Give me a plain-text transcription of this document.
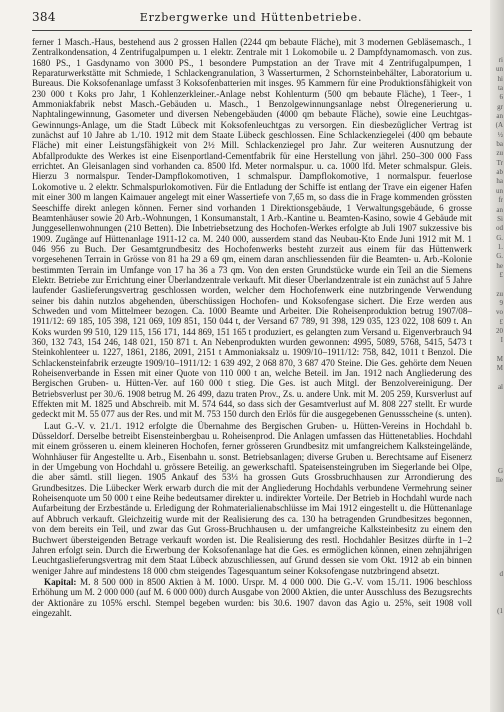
384	Erzbergwerke und Hüttenbetriebe.

ferner 1 Masch.-Haus, bestehend aus 2 grossen Hallen (2244 qm bebaute Fläche), mit 3 modernen Gebläsemasch., 1 Zentralkondensation, 4 Zentrifugalpumpen u. 1 elektr. Zentrale mit 1 Lokomobile u. 2 Dampfdynamomasch. von zus. 1680 PS., 1 Gasdynamo von 3000 PS., 1 besondere Pumpstation an der Trave mit 4 Zentrifugalpumpen, 1 Reparaturwerkstätte mit Schmiede, 1 Schlackengranulation, 3 Wasserturmen, 2 Schornsteinbehälter, Laboratorium u. Bureaus. Die Koksofenanlage umfasst 3 Koksofenbatterien mit insges. 95 Kammern für eine Produktionsfähigkeit von 230 000 t Koks pro Jahr, 1 Kohlenzerkleiner.-Anlage nebst Kohlenturm (500 qm bebaute Fläche), 1 Teer-, 1 Ammoniakfabrik nebst Masch.-Gebäuden u. Masch., 1 Benzolgewinnungsanlage nebst Ölregenerierung u. Naphtalingewinnung, Gasometer und diversen Nebengebäuden (4000 qm bebaute Fläche), sowie eine Leuchtgas-Gewinnungs-Anlage, um die Stadt Lübeck mit Koksofenleuchtgas zu versorgen. Ein diesbezüglicher Vertrag ist zunächst auf 10 Jahre ab 1./10. 1912 mit dem Staate Lübeck geschlossen. Eine Schlackenziegelei (400 qm bebaute Fläche) mit einer Leistungsfähigkeit von 2½ Mill. Schlackenziegel pro Jahr. Zur weiteren Ausnutzung der Abfallprodukte des Werkes ist eine Eisenportland-Cementfabrik für eine Herstellung von jährl. 250–300 000 Fass errichtet. An Gleisanlagen sind vorhanden ca. 8500 lfd. Meter normalspur. u. ca. 1000 lfd. Meter schmalspur. Gleis. Hierzu 3 normalspur. Tender-Dampflokomotiven, 1 schmalspur. Dampflokomotive, 1 normalspur. feuerlose Lokomotive u. 2 elektr. Schmalspurlokomotiven. Für die Entladung der Schiffe ist entlang der Trave ein eigener Hafen mit einer 300 m langen Kaimauer angelegt mit einer Wassertiefe von 7,65 m, so dass die in Frage kommenden grössten Seeschiffe direkt anlegen können. Ferner sind vorhanden 1 Direktionsgebäude, 1 Verwaltungsgebäude, 6 grosse Beamtenhäuser sowie 20 Arb.-Wohnungen, 1 Konsumanstalt, 1 Arb.-Kantine u. Beamten-Kasino, sowie 4 Gebäude mit Junggesellenwohnungen (210 Betten). Die Inbetriebsetzung des Hochofen-Werkes erfolgte ab Juli 1907 sukzessive bis 1909. Zugänge auf Hüttenanlage 1911-12 ca. M. 240 000, ausserdem stand das Neubau-Kto Ende Juni 1912 mit M. 1 046 956 zu Buch. Der Gesamtgrundbesitz des Hochofenwerks besteht zurzeit aus einem für das Hüttenwerk vorgesehenen Terrain in Grösse von 81 ha 29 a 69 qm, einem daran anschliessenden für die Beamten- u. Arb.-Kolonie bestimmten Terrain im Umfange von 17 ha 36 a 73 qm. Von den ersten Grundstücke wurde ein Teil an die Siemens Elektr. Betriebe zur Errichtung einer Überlandzentrale verkauft. Mit dieser Überlandzentrale ist ein zunächst auf 5 Jahre laufender Gaslieferungsvertrag geschlossen worden, welcher dem Hochofenwerk eine nutzbringende Verwendung seiner bis dahin nutzlos abgehenden, überschüssigen Hochofen- und Koksofengase sichert. Die Erze werden aus Schweden und vom Mittelmeer bezogen. Ca. 1000 Beamte und Arbeiter. Die Roheisenproduktion betrug 1907/08–1911/12: 69 185, 105 398, 121 069, 109 851, 150 044 t, der Versand 67 789, 91 398, 129 035, 123 022, 108 609 t. An Koks wurden 99 510, 129 115, 156 171, 144 869, 151 165 t produziert, es gelangten zum Versand u. Eigenverbrauch 94 360, 132 743, 154 246, 148 021, 150 871 t. An Nebenprodukten wurden gewonnen: 4995, 5089, 5768, 5415, 5473 t Steinkohlenteer u. 1227, 1861, 2186, 2091, 2151 t Ammoniaksalz u. 1909/10–1911/12: 758, 842, 1011 t Benzol. Die Schlackensteinfabrik erzeugte 1909/10–1911/12: 1 639 492, 2 068 870, 3 687 470 Steine. Die Ges. gehörte dem Neuen Roheisenverbande in Essen mit einer Quote von 110 000 t an, welche Beteil. im Jan. 1912 nach Angliederung des Bergischen Gruben- u. Hütten-Ver. auf 160 000 t stieg. Die Ges. ist auch Mitgl. der Benzolvereinigung. Der Betriebsverlust per 30./6. 1908 betrug M. 26 499, dazu traten Prov., Zs. u. andere Unk. mit M. 205 259, Kursverlust auf Effekten mit M. 1825 und Abschreib. mit M. 574 644, so dass sich der Gesamtverlust auf M. 808 227 stellt. Er wurde gedeckt mit M. 55 077 aus der Res. und mit M. 753 150 durch den Erlös für die ausgegebenen Genussscheine (s. unten).

Laut G.-V. v. 21./1. 1912 erfolgte die Übernahme des Bergischen Gruben- u. Hütten-Vereins in Hochdahl b. Düsseldorf. Derselbe betreibt Eisensteinbergbau u. Roheisenprod. Die Anlagen umfassen das Hüttenetablies. Hochdahl mit einem grösseren u. einem kleineren Hochofen, ferner grösseren Grundbesitz mit umfangreichem Kalksteingelände, Wohnhäuser für Angestellte u. Arb., Eisenbahn u. sonst. Betriebsanlagen; diverse Gruben u. Berechtsame auf Eisenerz in der Umgebung von Hochdahl u. grössere Beteilig. an gewerkschaftl. Spateisensteingruben im Siegerlande bei Olpe, die aber sämtl. still liegen. 1905 Ankauf des 53⅓ ha grossen Guts Grossbruchhausen zur Arrondierung des Grundbesitzes. Die Lübecker Werk erwarb durch die mit der Angliederung Hochdahls verbundene Vermehrung seiner Roheisenquote um 50 000 t eine Reihe bedeutsamer direkter u. indirekter Vorteile. Der Betrieb in Hochdahl wurde nach Aufarbeitung der Erzbestände u. Erledigung der Rohmaterialienabschlüsse im Mai 1912 eingestellt u. die Hüttenanlage auf Abbruch verkauft. Gleichzeitig wurde mit der Realisierung des ca. 130 ha betragenden Grundbesitzes begonnen, von dem bereits ein Teil, und zwar das Gut Gross-Bruchhausen u. der umfangreiche Kalksteinbesitz zu einem den Buchwert übersteigenden Betrage verkauft worden ist. Die Realisierung des restl. Hochdahler Besitzes dürfte in 1–2 Jahren erfolgt sein. Durch die Erwerbung der Koksofenanlage hat die Ges. es ermöglichen können, einen zehnjährigen Leuchtgaslieferungsvertrag mit dem Staat Lübeck abzuschliessen, auf Grund dessen sie vom Okt. 1912 ab ein binnen weniger Jahre auf mindestens 18 000 cbm steigendes Tagesquantum seiner Koksofengase nutzbringend absetzt.

Kapital: M. 8 500 000 in 8500 Aktien à M. 1000. Urspr. M. 4 000 000. Die G.-V. vom 15./11. 1906 beschloss Erhöhung um M. 2 000 000 (auf M. 6 000 000) durch Ausgabe von 2000 Aktien, die unter Ausschluss des Bezugsrechts der Aktionäre zu 105% erschl. Stempel begeben wurden: bis 30.6. 1907 davon das Agio u. 25%, seit 1908 voll eingezahlt.

ri
un
hi
ta
6
gr
an
(A
½
ba
zu
Tr
ab
ha
un
fr
an
Si
od
G.
1.
G.
he
£

zu
9
vo
£
20
I

M
M

al

G
lie

d

(1
